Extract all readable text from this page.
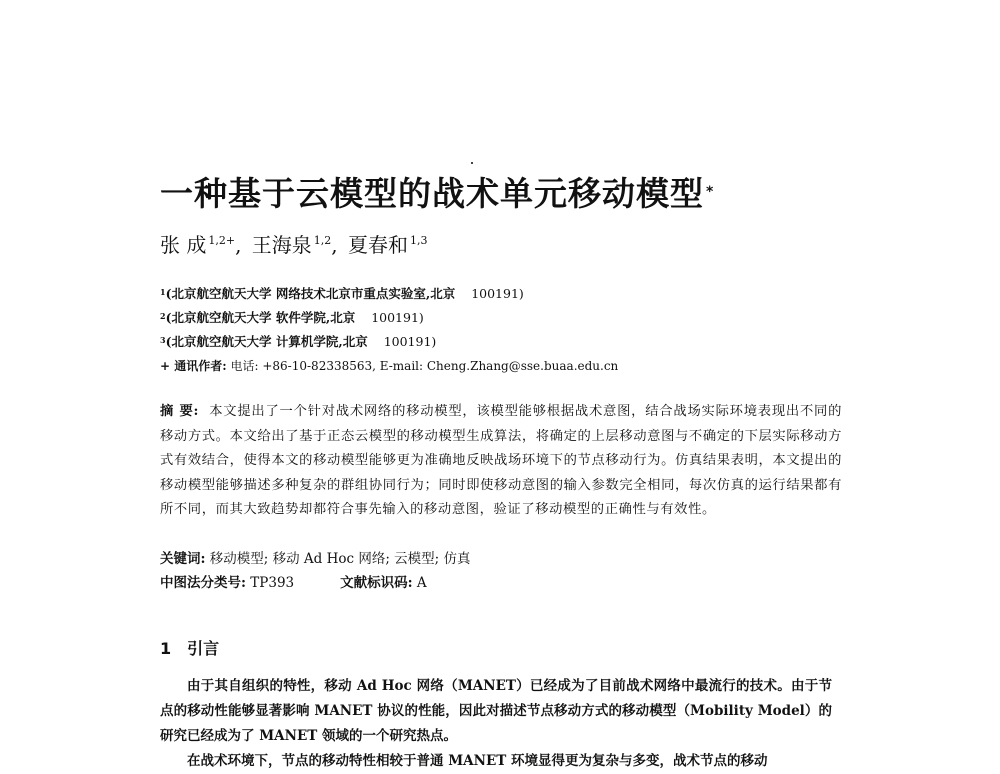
一种基于云模型的战术单元移动模型 *
张 成 $^{1,2+}$, 王海泉 $^{1,2}$, 夏春和 $^{1,3}$
$^1$(北京航空航天大学 网络技术北京市重点实验室,北京 100191)
$^2$(北京航空航天大学 软件学院,北京 100191)
$^3$(北京航空航天大学 计算机学院,北京 100191)
+ 通讯作者: 电话: +86-10-82338563, E-mail: Cheng.Zhang@sse.buaa.edu.cn
摘 要: 本文提出了一个针对战术网络的移动模型，该模型能够根据战术意图，结合战场实际环境表现出不同的移动方式。本文给出了基于正态云模型的移动模型生成算法，将确定的上层移动意图与不确定的下层实际移动方式有效结合，使得本文的移动模型能够更为准确地反映战场环境下的节点移动行为。仿真结果表明，本文提出的移动模型能够描述多种复杂的群组协同行为；同时即使移动意图的输入参数完全相同，每次仿真的运行结果都有所不同，而其大致趋势却都符合事先输入的移动意图，验证了移动模型的正确性与有效性。
关键词: 移动模型; 移动 Ad Hoc 网络; 云模型; 仿真
中图法分类号: TP393	文献标识码: A
1 引言

由于其自组织的特性，移动 Ad Hoc 网络（MANET）已经成为了目前战术网络中最流行的技术。由于节点的移动性能够显著影响 MANET 协议的性能，因此对描述节点移动方式的移动模型（Mobility Model）的研究已经成为了 MANET 领域的一个研究热点。

在战术环境下，节点的移动特性相较于普通 MANET 环境显得更为复杂与多变，战术节点的移动
